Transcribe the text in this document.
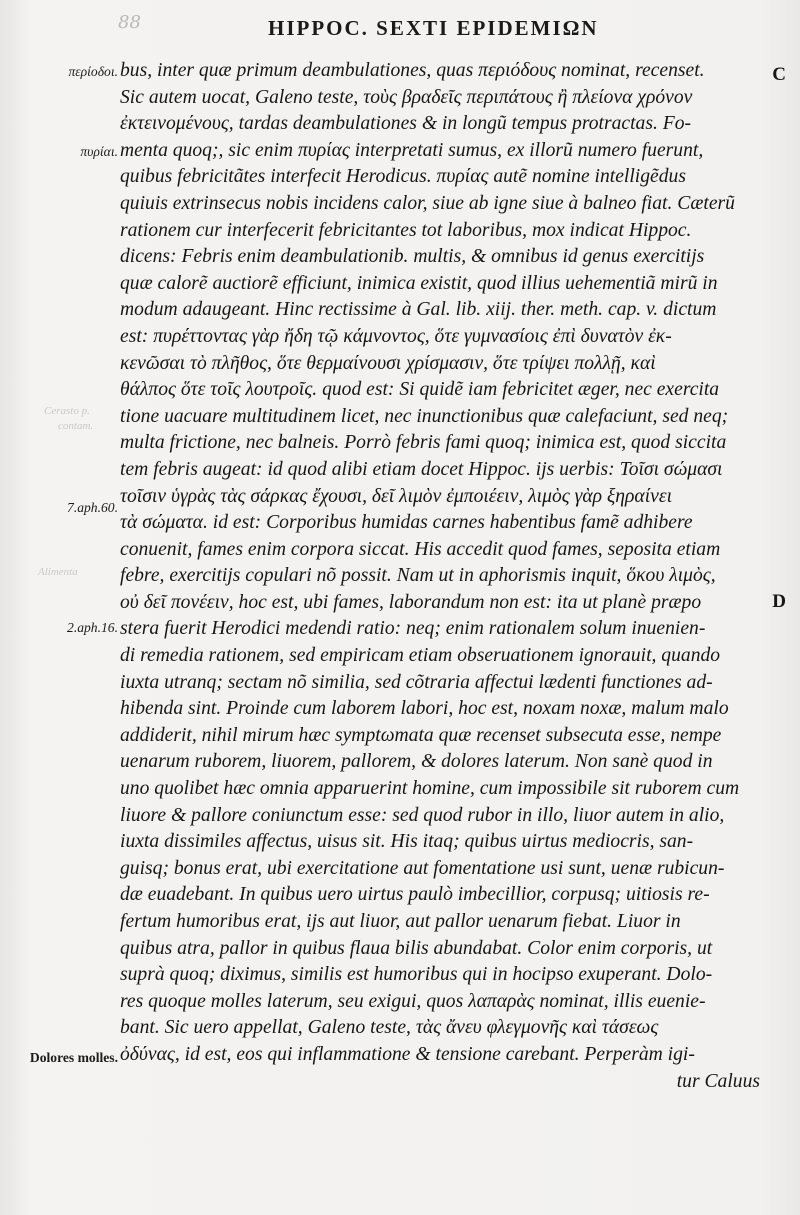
88	HIPPOC. SEXTI EPIDEMIΩN
C
D
περίοδοι.
πυρίαι.
7.aph.60.
2.aph.16.
Dolores molles.
Cerasto p.
contam.
Alimenta
bus, inter quæ primum deambulationes, quas περιόδους nominat, recenset.
Sic autem uocat, Galeno teste, τοὺς βραδεῖς περιπάτους ἢ πλείονα χρόνον
ἐκτεινομένους, tardas deambulationes & in longũ tempus protractas. Fo-
menta quoq;, sic enim πυρίας interpretati sumus, ex illorũ numero fuerunt,
quibus febricitãtes interfecit Herodicus. πυρίας autẽ nomine intelligẽdus
quiuis extrinsecus nobis incidens calor, siue ab igne siue à balneo fiat. Cæterũ
rationem cur interfecerit febricitantes tot laboribus, mox indicat Hippoc.
dicens: Febris enim deambulationib. multis, & omnibus id genus exercitijs
quæ calorẽ auctiorẽ efficiunt, inimica existit, quod illius uehementiã mirũ in
modum adaugeant. Hinc rectissime à Gal. lib. xiij. ther. meth. cap. v. dictum
est: πυρέττοντας γὰρ ἤδη τῷ κάμνοντος, ὅτε γυμνασίοις ἐπὶ δυνατὸν ἐκ-
κενῶσαι τὸ πλῆθος, ὅτε θερμαίνουσι χρίσμασιν, ὅτε τρίψει πολλῇ, καὶ
θάλπος ὅτε τοῖς λουτροῖς. quod est: Si quidẽ iam febricitet æger, nec exercita
tione uacuare multitudinem licet, nec inunctionibus quæ calefaciunt, sed neq;
multa frictione, nec balneis. Porrò febris fami quoq; inimica est, quod siccita
tem febris augeat: id quod alibi etiam docet Hippoc. ijs uerbis: Τοῖσι σώμασι
τοῖσιν ὑγρὰς τὰς σάρκας ἔχουσι, δεῖ λιμὸν ἐμποιέειν, λιμὸς γὰρ ξηραίνει
τὰ σώματα. id est: Corporibus humidas carnes habentibus famẽ adhibere
conuenit, fames enim corpora siccat. His accedit quod fames, seposita etiam
febre, exercitijs copulari nõ possit. Nam ut in aphorismis inquit, ὅκου λιμὸς,
οὐ δεῖ πονέειν, hoc est, ubi fames, laborandum non est: ita ut planè præpo
stera fuerit Herodici medendi ratio: neq; enim rationalem solum inuenien-
di remedia rationem, sed empiricam etiam obseruationem ignorauit, quando
iuxta utranq; sectam nõ similia, sed cõtraria affectui lædenti functiones ad-
hibenda sint. Proinde cum laborem labori, hoc est, noxam noxæ, malum malo
addiderit, nihil mirum hæc symptωmata quæ recenset subsecuta esse, nempe
uenarum ruborem, liuorem, pallorem, & dolores laterum. Non sanè quod in
uno quolibet hæc omnia apparuerint homine, cum impossibile sit ruborem cum
liuore & pallore coniunctum esse: sed quod rubor in illo, liuor autem in alio,
iuxta dissimiles affectus, uisus sit. His itaq; quibus uirtus mediocris, san-
guisq; bonus erat, ubi exercitatione aut fomentatione usi sunt, uenæ rubicun-
dæ euadebant. In quibus uero uirtus paulò imbecillior, corpusq; uitiosis re-
fertum humoribus erat, ijs aut liuor, aut pallor uenarum fiebat. Liuor in
quibus atra, pallor in quibus flaua bilis abundabat. Color enim corporis, ut
suprà quoq; diximus, similis est humoribus qui in hocipso exuperant. Dolo-
res quoque molles laterum, seu exigui, quos λαπαρὰς nominat, illis euenie-
bant. Sic uero appellat, Galeno teste, τὰς ἄνευ φλεγμονῆς καὶ τάσεως
ὀδύνας, id est, eos qui inflammatione & tensione carebant. Perperàm igi-
tur Caluus
